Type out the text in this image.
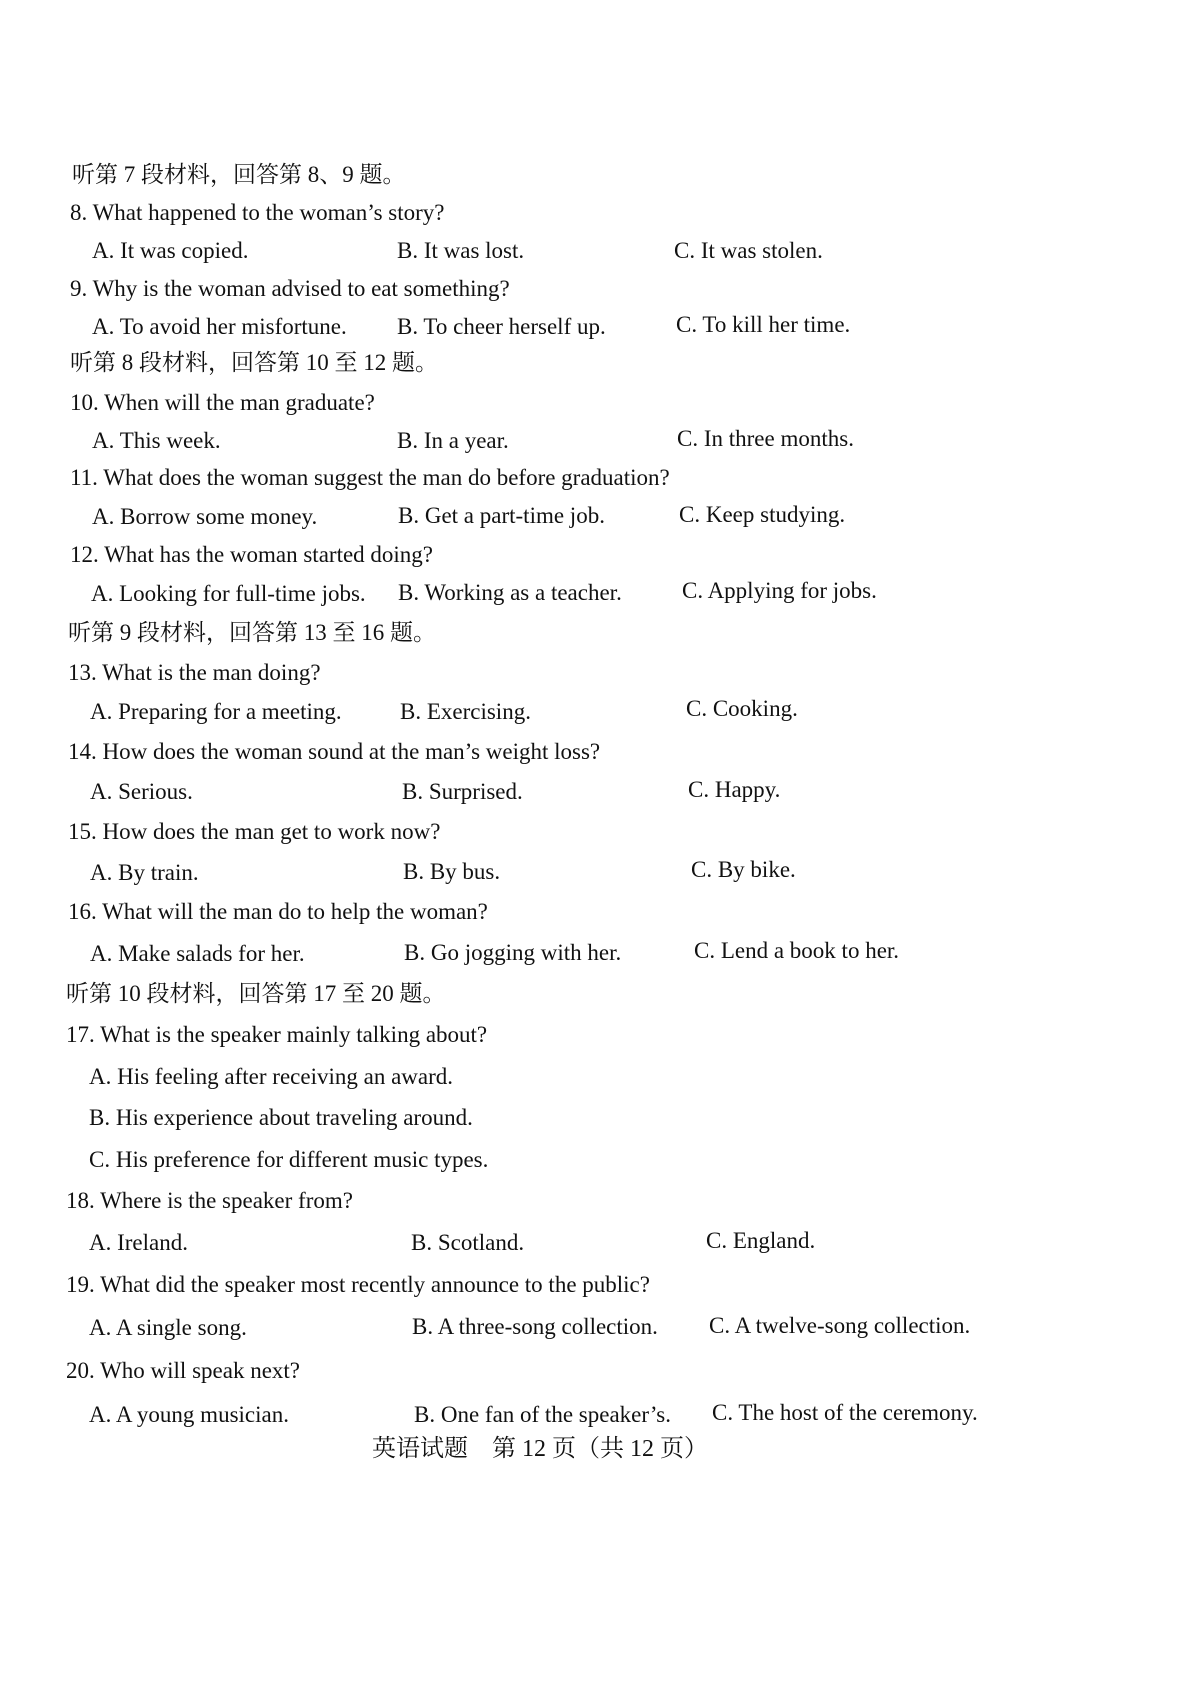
听第 7 段材料，回答第 8、9 题。
8. What happened to the woman’s story?
A. It was copied.	B. It was lost.	C. It was stolen.
9. Why is the woman advised to eat something?
A. To avoid her misfortune. B. To cheer herself up.	C. To kill her time.
听第 8 段材料，回答第 10 至 12 题。
10. When will the man graduate?
A. This week.	B. In a year.	C. In three months.
11. What does the woman suggest the man do before graduation?
A. Borrow some money.	B. Get a part-time job.	C. Keep studying.
12. What has the woman started doing?
A. Looking for full-time jobs. B. Working as a teacher.	C. Applying for jobs.
听第 9 段材料，回答第 13 至 16 题。
13. What is the man doing?
A. Preparing for a meeting.	B. Exercising.	C. Cooking.
14. How does the woman sound at the man’s weight loss?
A. Serious.	B. Surprised.	C. Happy.
15. How does the man get to work now?
A. By train.	B. By bus.	C. By bike.
16. What will the man do to help the woman?
A. Make salads for her.	B. Go jogging with her.	C. Lend a book to her.
听第 10 段材料，回答第 17 至 20 题。
17. What is the speaker mainly talking about?
A. His feeling after receiving an award.
B. His experience about traveling around.
C. His preference for different music types.
18. Where is the speaker from?
A. Ireland.	B. Scotland.	C. England.
19. What did the speaker most recently announce to the public?
A. A single song.	B. A three-song collection. C. A twelve-song collection.
20. Who will speak next?
A. A young musician.	B. One fan of the speaker’s. C. The host of the ceremony.
英语试题　第 12 页（共 12 页）
